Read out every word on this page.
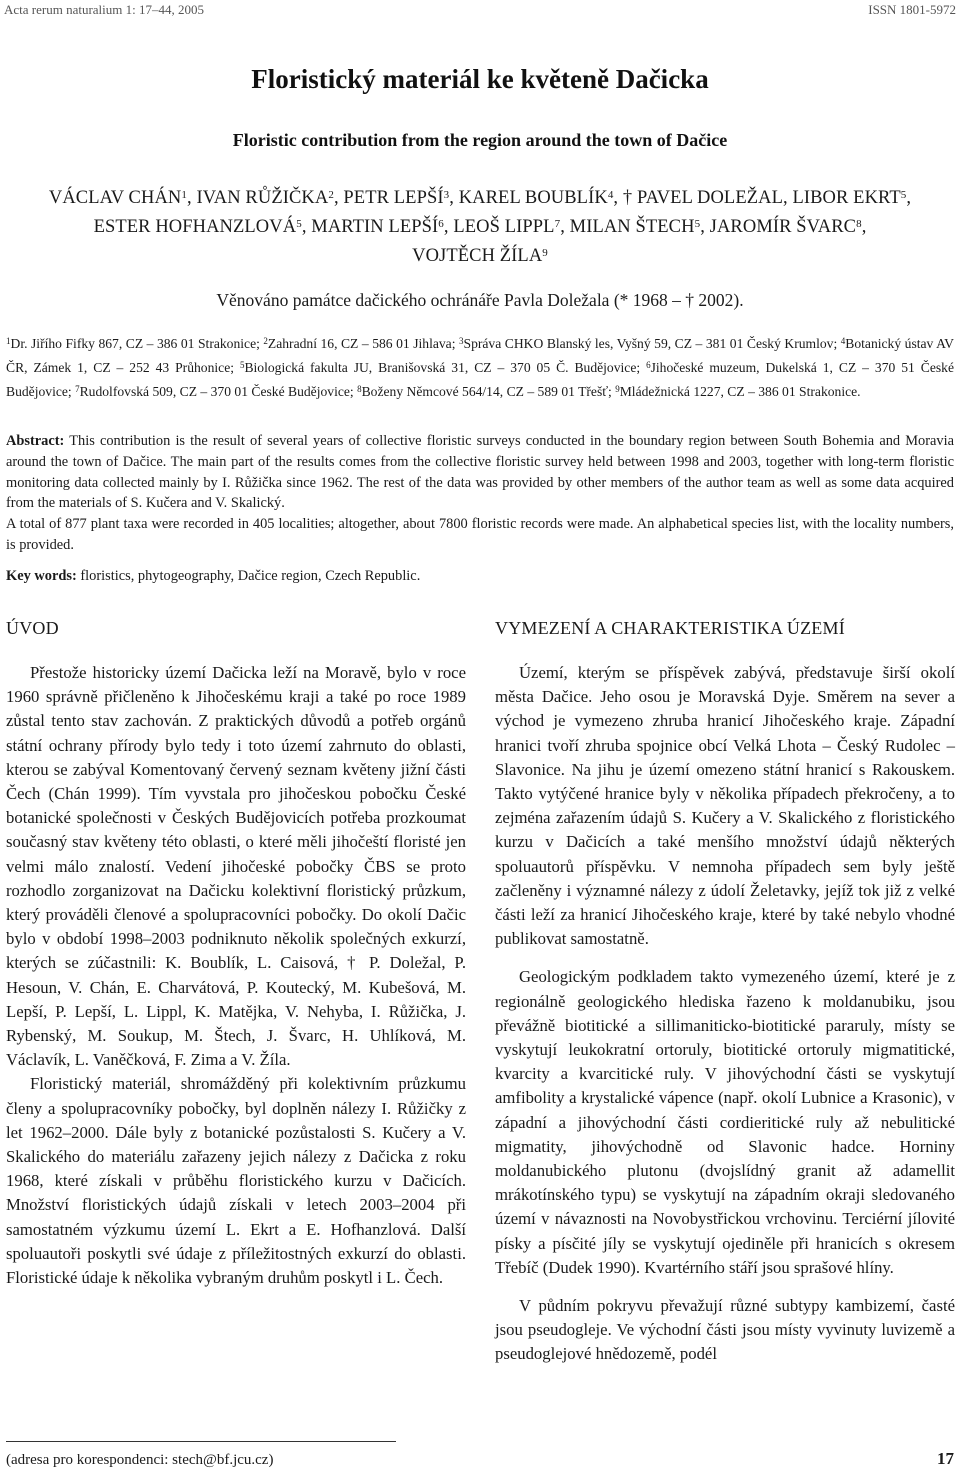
Acta rerum naturalium 1: 17–44, 2005	ISSN 1801-5972
Floristický materiál ke květeně Dačicka
Floristic contribution from the region around the town of Dačice
VÁCLAV CHÁN$^1$, IVAN RŮŽIČKA$^2$, PETR LEPŠÍ$^3$, KAREL BOUBLÍK$^4$, † PAVEL DOLEŽAL, LIBOR EKRT$^5$,
ESTER HOFHANZLOVÁ$^5$, MARTIN LEPŠÍ$^6$, LEOŠ LIPPL$^7$, MILAN ŠTECH$^5$, JAROMÍR ŠVARC$^8$,
VOJTĚCH ŽÍLA$^9$
Věnováno památce dačického ochránáře Pavla Doležala (* 1968 – † 2002).
$^1$Dr. Jiřího Fifky 867, CZ – 386 01 Strakonice; $^2$Zahradní 16, CZ – 586 01 Jihlava; $^3$Správa CHKO Blanský les, Vyšný 59, CZ – 381 01 Český Krumlov; $^4$Botanický ústav AV ČR, Zámek 1, CZ – 252 43 Průhonice; $^5$Biologická fakulta JU, Branišovská 31, CZ – 370 05 Č. Budějovice; $^6$Jihočeské muzeum, Dukelská 1, CZ – 370 51 České Budějovice; $^7$Rudolfovská 509, CZ – 370 01 České Budějovice; $^8$Boženy Němcové 564/14, CZ – 589 01 Třešť; $^9$Mládežnická 1227, CZ – 386 01 Strakonice.

Abstract: This contribution is the result of several years of collective floristic surveys conducted in the boundary region between South Bohemia and Moravia around the town of Dačice. The main part of the results comes from the collective floristic survey held between 1998 and 2003, together with long-term floristic monitoring data collected mainly by I. Růžička since 1962. The rest of the data was provided by other members of the author team as well as some data acquired from the materials of S. Kučera and V. Skalický.

A total of 877 plant taxa were recorded in 405 localities; altogether, about 7800 floristic records were made. An alphabetical species list, with the locality numbers, is provided.

Key words: floristics, phytogeography, Dačice region, Czech Republic.
ÚVOD	VYMEZENÍ A CHARAKTERISTIKA ÚZEMÍ

Přestože historicky území Dačicka leží na Moravě, bylo v roce 1960 správně přičleněno k Jihočeskému kraji a také po roce 1989 zůstal tento stav zachován. Z praktických důvodů a potřeb orgánů státní ochrany přírody bylo tedy i toto území zahrnuto do oblasti, kterou se zabýval Komentovaný červený seznam květeny jižní části Čech (Chán 1999). Tím vyvstala pro jihočeskou pobočku České botanické společnosti v Českých Budějovicích potřeba prozkoumat současný stav květeny této oblasti, o které měli jihočeští floristé jen velmi málo znalostí. Vedení jihočeské pobočky ČBS se proto rozhodlo zorganizovat na Dačicku kolektivní floristický průzkum, který prováděli členové a spolupracovníci pobočky. Do okolí Dačic bylo v období 1998–2003 podniknuto několik společných exkurzí, kterých se zúčastnili: K. Boublík, L. Caisová, † P. Doležal, P. Hesoun, V. Chán, E. Charvátová, P. Koutecký, M. Kubešová, M. Lepší, P. Lepší, L. Lippl, K. Matějka, V. Nehyba, I. Růžička, J. Rybenský, M. Soukup, M. Štech, J. Švarc, H. Uhlíková, M. Václavík, L. Vaněčková, F. Zima a V. Žíla.

Floristický materiál, shromážděný při kolektivním průzkumu členy a spolupracovníky pobočky, byl doplněn nálezy I. Růžičky z let 1962–2000. Dále byly z botanické pozůstalosti S. Kučery a V. Skalického do materiálu zařazeny jejich nálezy z Dačicka z roku 1968, které získali v průběhu floristického kurzu v Dačicích. Množství floristických údajů získali v letech 2003–2004 při samostatném výzkumu území L. Ekrt a E. Hofhanzlová. Další spoluautoři poskytli své údaje z příležitostných exkurzí do oblasti. Floristické údaje k několika vybraným druhům poskytl i L. Čech.

Území, kterým se příspěvek zabývá, představuje širší okolí města Dačice. Jeho osou je Moravská Dyje. Směrem na sever a východ je vymezeno zhruba hranicí Jihočeského kraje. Západní hranici tvoří zhruba spojnice obcí Velká Lhota – Český Rudolec – Slavonice. Na jihu je území omezeno státní hranicí s Rakouskem. Takto vytýčené hranice byly v několika případech překročeny, a to zejména zařazením údajů S. Kučery a V. Skalického z floristického kurzu v Dačicích a také menšího množství údajů některých spoluautorů příspěvku. V nemnoha případech sem byly ještě začleněny i významné nálezy z údolí Želetavky, jejíž tok již z velké části leží za hranicí Jihočeského kraje, které by také nebylo vhodné publikovat samostatně.

Geologickým podkladem takto vymezeného území, které je z regionálně geologického hlediska řazeno k moldanubiku, jsou převážně biotitické a sillimaniticko-biotitické pararuly, místy se vyskytují leukokratní ortoruly, biotitické ortoruly migmatitické, kvarcity a kvarcitické ruly. V jihovýchodní části se vyskytují amfibolity a krystalické vápence (např. okolí Lubnice a Krasonic), v západní a jihovýchodní části cordieritické ruly až nebulitické migmatity, jihovýchodně od Slavonic hadce. Horniny moldanubického plutonu (dvojslídný granit až adamellit mrákotínského typu) se vyskytují na západním okraji sledovaného území v návaznosti na Novobystřickou vrchovinu. Terciérní jílovité písky a písčité jíly se vyskytují ojediněle při hranicích s okresem Třebíč (Dudek 1990). Kvartérního stáří jsou sprašové hlíny.

V půdním pokryvu převažují různé subtypy kambizemí, časté jsou pseudogleje. Ve východní části jsou místy vyvinuty luvizemě a pseudoglejové hnědozemě, podél

(adresa pro korespondenci: stech@bf.jcu.cz)	17
